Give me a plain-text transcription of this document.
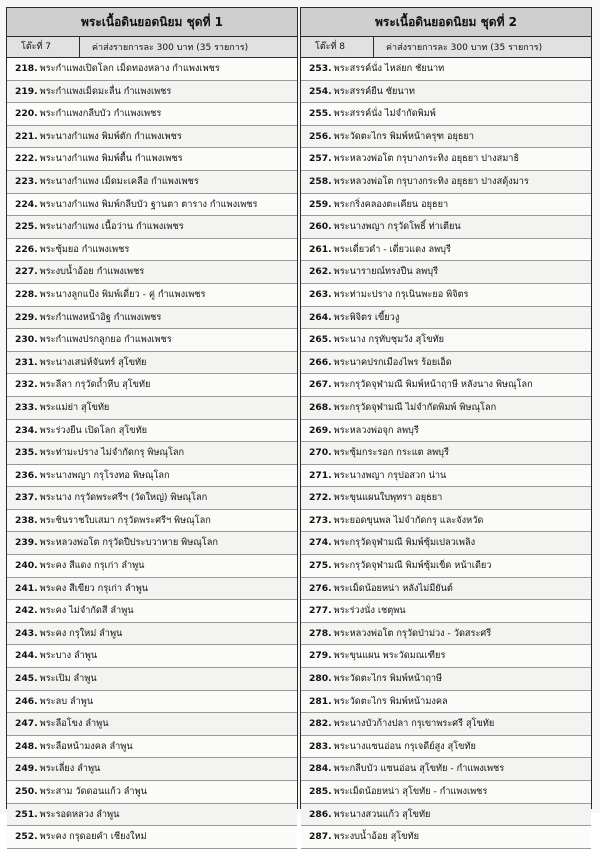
พระเนื้อดินยอดนิยม ชุดที่ 1
โต๊ะที่ 7	ค่าส่งรายการละ 300 บาท (35 รายการ)
218. พระกำแพงเปิดโลก เม็ดทองหลาง กำแพงเพชร
219. พระกำแพงเม็ดมะลื่น กำแพงเพชร
220. พระกำแพงกลีบบัว กำแพงเพชร
221. พระนางกำแพง พิมพ์ตัก กำแพงเพชร
222. พระนางกำแพง พิมพ์ตื้น กำแพงเพชร
223. พระนางกำแพง เม็ดมะเคลือ กำแพงเพชร
224. พระนางกำแพง พิมพ์กลีบบัว ฐานตา ตาราง กำแพงเพชร
225. พระนางกำแพง เนื้อว่าน กำแพงเพชร
226. พระซุ้มยอ กำแพงเพชร
227. พระงบน้ำอ้อย กำแพงเพชร
228. พระนางลูกแป้ง พิมพ์เดี่ยว - คู่ กำแพงเพชร
229. พระกำแพงหน้าอิฐ กำแพงเพชร
230. พระกำแพงปรกลูกยอ กำแพงเพชร
231. พระนางเสน่ห์จันทร์ สุโขทัย
232. พระลีลา กรุวัดถ้ำหีบ สุโขทัย
233. พระแม่ย่า สุโขทัย
234. พระร่วงยืน เปิดโลก สุโขทัย
235. พระท่ามะปราง ไม่จำกัดกรุ พิษณุโลก
236. พระนางพญา กรุโรงทอ พิษณุโลก
237. พระนาง กรุวัดพระศรีฯ (วัดใหญ่) พิษณุโลก
238. พระชินราชใบเสมา กรุวัดพระศรีฯ พิษณุโลก
239. พระหลวงพ่อโต กรุวัดปีประบวาหาย พิษณุโลก
240. พระคง สีแดง กรุเก่า ลำพูน
241. พระคง สีเขียว กรุเก่า ลำพูน
242. พระคง ไม่จำกัดสี ลำพูน
243. พระคง กรุใหม่ ลำพูน
244. พระบาง ลำพูน
245. พระเปิม ลำพูน
246. พระลบ ลำพูน
247. พระลือโขง ลำพูน
248. พระลือหน้ามงคล ลำพูน
249. พระเลี่ยง ลำพูน
250. พระสาม วัดดอนแก้ว ลำพูน
251. พระรอดหลวง ลำพูน
252. พระคง กรุดอยคำ เชียงใหม่
พระเนื้อดินยอดนิยม ชุดที่ 2
โต๊ะที่ 8	ค่าส่งรายการละ 300 บาท (35 รายการ)
253. พระสรรค์นั่ง ไหล่ยก ชัยนาท
254. พระสรรค์ยืน ชัยนาท
255. พระสรรค์นั่ง ไม่จำกัดพิมพ์
256. พระวัดตะไกร พิมพ์หน้าครุฑ อยุธยา
257. พระหลวงพ่อโต กรุบางกระทิง อยุธยา ปางสมาธิ
258. พระหลวงพ่อโต กรุบางกระทิง อยุธยา ปางสดุ้งมาร
259. พระกริ่งคลองตะเคียน อยุธยา
260. พระนางพญา กรุวัดโพธิ์ ท่าเตียน
261. พระเดี่ยวดำ - เดี่ยวแดง ลพบุรี
262. พระนารายณ์ทรงปืน ลพบุรี
263. พระท่ามะปราง กรุเนินพะยอ พิจิตร
264. พระพิจิตร เขี้ยวงู
265. พระนาง กรุทับชุมวัง สุโขทัย
266. พระนาคปรกเมืองไพร ร้อยเอ็ด
267. พระกรุวัดจุฬามณี พิมพ์หน้าฤาษี หลังนาง พิษณุโลก
268. พระกรุวัดจุฬามณี ไม่จำกัดพิมพ์ พิษณุโลก
269. พระหลวงพ่อจุก ลพบุรี
270. พระซุ้มกระรอก กระแต ลพบุรี
271. พระนางพญา กรุปอสวก น่าน
272. พระขุนแผนใบพุทรา อยุธยา
273. พระยอดขุนพล ไม่จำกัดกรุ และจังหวัด
274. พระกรุวัดจุฬามณี พิมพ์ซุ้มเปลวเพลิง
275. พระกรุวัดจุฬามณี พิมพ์ซุ้มเข็ด หน้าเดียว
276. พระเม็ดน้อยหน่า หลังไม่มียันต์
277. พระร่วงนั่ง เชตุพน
278. พระหลวงพ่อโต กรุวัดป่าม่วง - วัดสระศรี
279. พระขุนแผน พระวัดมณเฑียร
280. พระวัดตะไกร พิมพ์หน้าฤาษี
281. พระวัดตะไกร พิมพ์หน้ามงคล
282. พระนางบัวก้างปลา กรุเขาพระศรี สุโขทัย
283. พระนางแซนอ่อน กรุเจดีย์สูง สุโขทัย
284. พระกลีบบัว แซนอ่อน สุโขทัย - กำแพงเพชร
285. พระเม็ดน้อยหน่า สุโขทัย - กำแพงเพชร
286. พระนางสวนแก้ว สุโขทัย
287. พระงบน้ำอ้อย สุโขทัย
